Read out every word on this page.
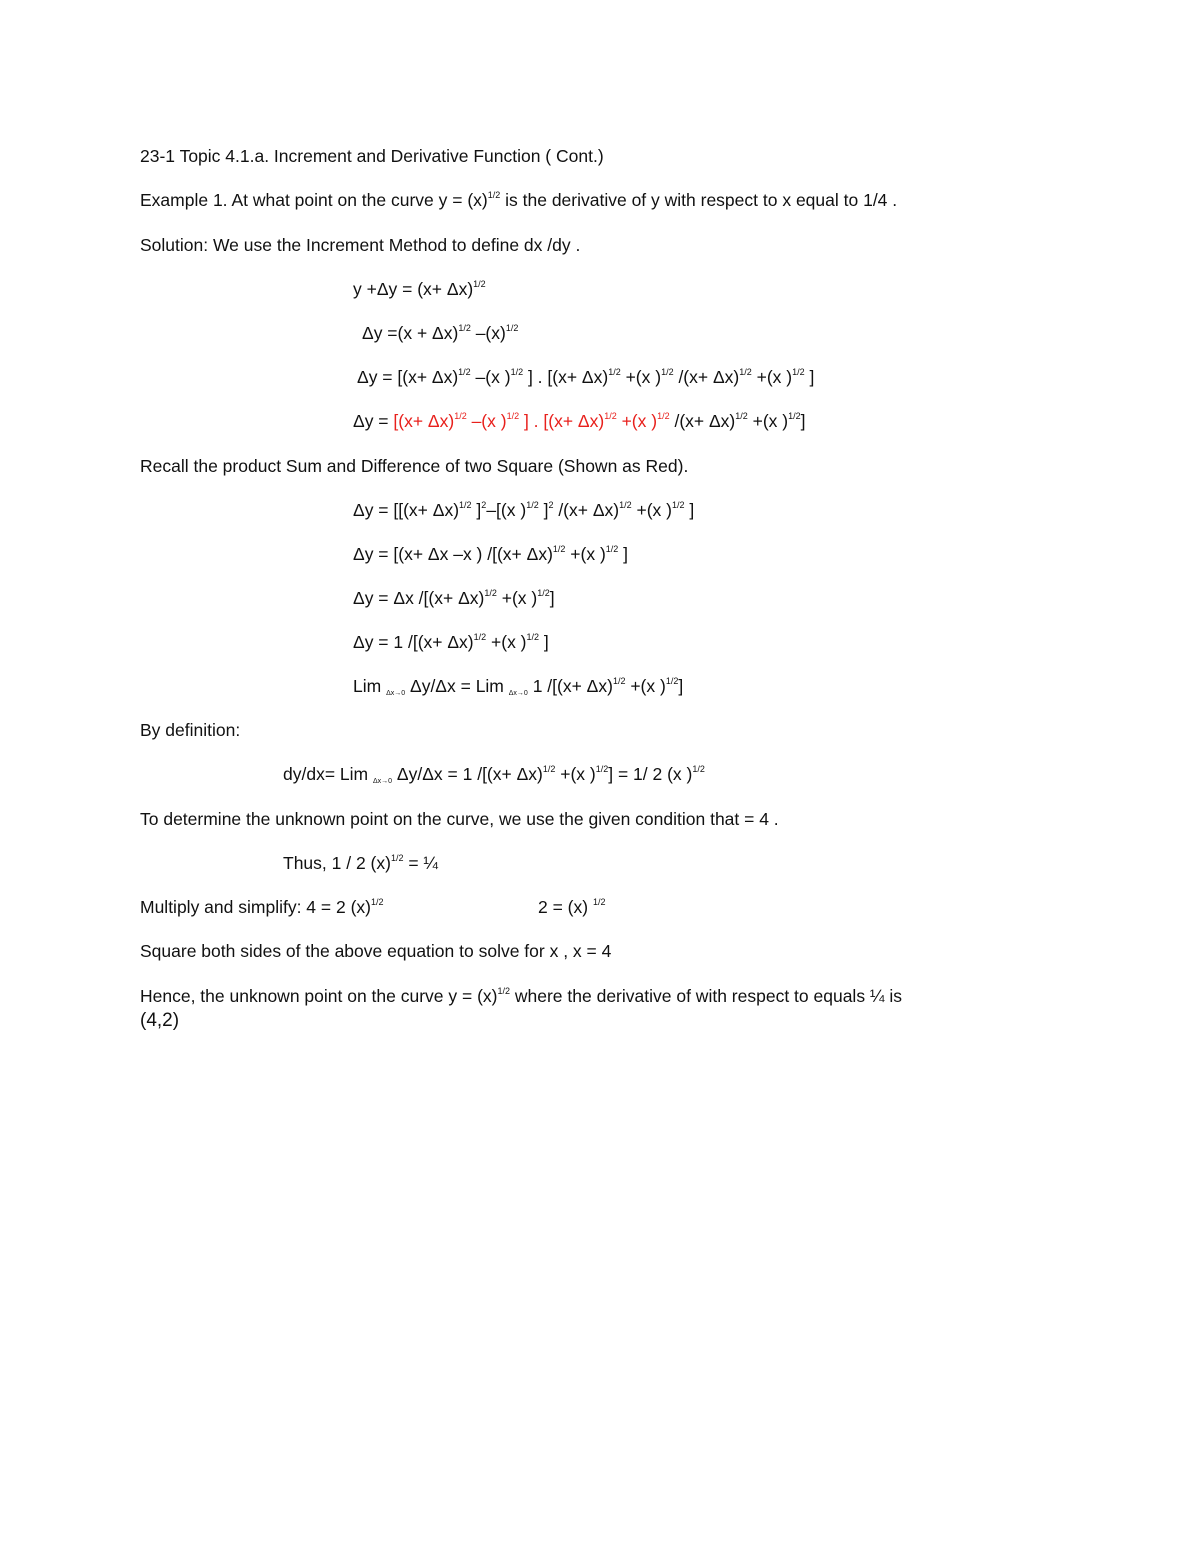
23-1 Topic 4.1.a. Increment and Derivative Function ( Cont.)
Example 1. At what point on the curve $y = (x)^{1/2}$ is the derivative of y with respect to x equal to 1/4 .
Solution: We use the Increment Method to define dx /dy .
$y +\Delta y = (x+ \Delta x)^{1/2}$
$\Delta y =(x + \Delta x)^{1/2}$ $-(x)^{1/2}$
$\Delta y = [(x+ \Delta x)^{1/2}$ –(x )$^{1/2}$ ] . [$(x+ \Delta x)^{1/2} +(x$ )$^{1/2}$ $/(x+ \Delta x)^{1/2} +(x$ )$^{1/2}$ ]
$\Delta y = [(x+ \Delta x)^{1/2}$ –(x )$^{1/2}$ ] . [$(x+ \Delta x)^{1/2} +(x$ )$^{1/2}$ $/(x+ \Delta x)^{1/2} +(x$ )$^{1/2}$]
Recall the product Sum and Difference of two Square (Shown as Red).
$\Delta y = [[(x+ \Delta x)^{1/2}$ ]$^2$–[(x )$^{1/2}$ ]$^2$ $/(x+ \Delta x)^{1/2} +(x$ )$^{1/2}$ ]
Δy = [(x+ Δx –x ) $/[(x+ \Delta x)^{1/2} +(x$ )$^{1/2}$ ]
Δy = Δx $/[(x+ \Delta x)^{1/2} +(x$ )$^{1/2}$]
Δy = 1 $/[(x+ \Delta x)^{1/2} +(x$ )$^{1/2}$ ]
Lim $_{\Delta x\to 0}$ Δy/Δx = Lim $_{\Delta x\to 0}$ 1 $/[(x+ \Delta x)^{1/2} +(x$ )$^{1/2}$]
By definition:
dy/dx= Lim $_{\Delta x\to 0}$ Δy/Δx = 1 $/[(x+ \Delta x)^{1/2} +(x$ )$^{1/2}$] = 1/ 2 (x )$^{1/2}$
To determine the unknown point on the curve, we use the given condition that = 4 .
Thus, 1 / 2 $(x)^{1/2}$ = ¼
Multiply and simplify: 4 = 2 $(x)^{1/2}$	2 = (x) $^{1/2}$
Square both sides of the above equation to solve for x , x = 4
Hence, the unknown point on the curve $y = (x)^{1/2}$ where the derivative of with respect to equals ¼ is
(4,2)
